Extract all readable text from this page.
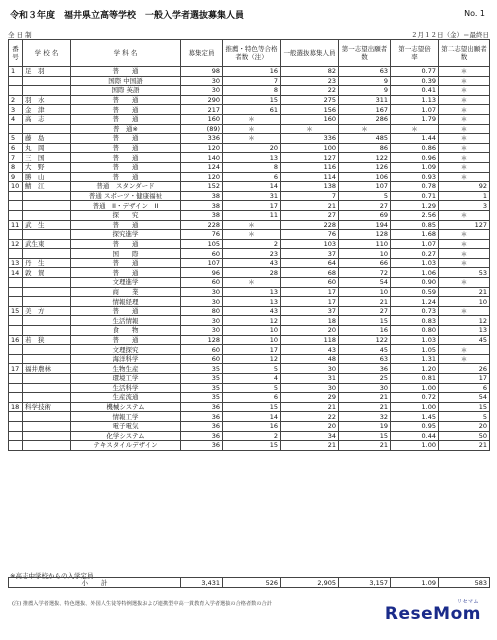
令和３年度　福井県立高等学校　一般入学者選抜募集人員	No. 1
全 日 制	２月１２日（金）＝最終日
番号	学 校 名	学 科 名	募集定員	推薦・特色等合格者数（注）	一般選抜募集人員	第一志望出願者数	第一志望倍　率	第二志望出願者数
1	足　羽	普　　通	98	16	82	63	0.77	＊
		国際 中国語	30	7	23	9	0.39	＊
		国際 英語	30	8	22	9	0.41	＊
2	羽　水	普　　通	290	15	275	311	1.13	＊
3	金　津	普　　通	217	61	156	167	1.07	＊
4	高　志	普　　通	160	＊	160	286	1.79	＊
		普　通※	(89)	＊	＊	＊	＊	＊
5	藤　島	普　　通	336	＊	336	485	1.44	＊
6	丸　岡	普　　通	120	20	100	86	0.86	＊
7	三　国	普　　通	140	13	127	122	0.96	＊
8	大　野	普　　通	124	8	116	126	1.09	＊
9	勝　山	普　　通	120	6	114	106	0.93	＊
10	鯖　江	普通　スタンダード	152	14	138	107	0.78	92
		普通 スポーツ・健康福祉	38	31	7	5	0.71	1
		普通　II・デザイン　II	38	17	21	27	1.29	3
		探　　究	38	11	27	69	2.56	＊
11	武　生	普　　通	228	＊	228	194	0.85	127
		探究進学	76	＊	76	128	1.68	＊
12	武生東	普　　通	105	2	103	110	1.07	＊
		国　　際	60	23	37	10	0.27	＊
13	丹　生	普　　通	107	43	64	66	1.03	＊
14	敦　賀	普　　通	96	28	68	72	1.06	53
		文理進学	60	＊	60	54	0.90	＊
		商　　業	30	13	17	10	0.59	21
		情報経理	30	13	17	21	1.24	10
15	美　方	普　　通	80	43	37	27	0.73	＊
		生活情報	30	12	18	15	0.83	12
		食　　物	30	10	20	16	0.80	13
16	若　狭	普　　通	128	10	118	122	1.03	45
		文理探究	60	17	43	45	1.05	＊
		海洋科学	60	12	48	63	1.31	＊
17	福井農林	生物生産	35	5	30	36	1.20	26
		環境工学	35	4	31	25	0.81	17
		生活科学	35	5	30	30	1.00	6
		生産流通	35	6	29	21	0.72	54
18	科学技術	機械システム	36	15	21	21	1.00	15
		情報工学	36	14	22	32	1.45	5
		電子電気	36	16	20	19	0.95	20
		化学システム	36	2	34	15	0.44	50
		テキスタイルデザイン	36	15	21	21	1.00	21
※高志中学校からの入学定員
小　　計	3,431	526	2,905	3,157	1.09	583
(注) 推薦入学者選抜、特色選抜、外国人生徒等特例選抜および連携型中高一貫教育入学者選抜の合格者数の合計	ReseMom
リセマム
